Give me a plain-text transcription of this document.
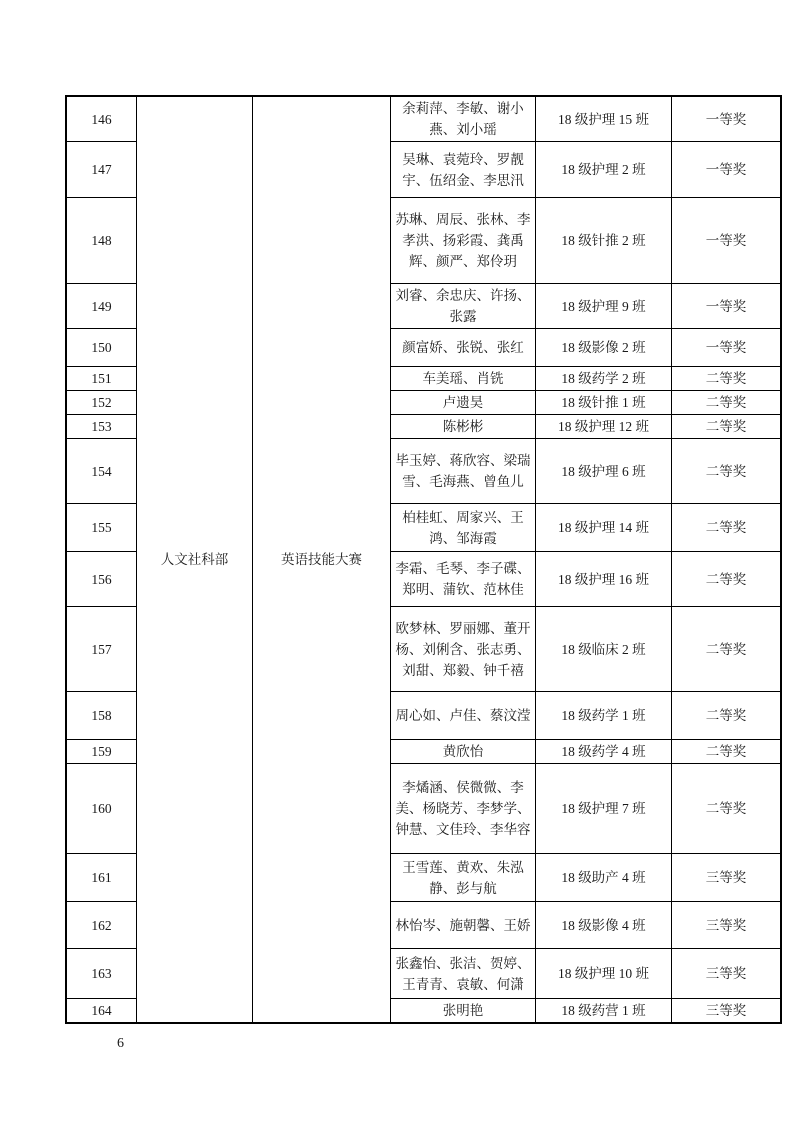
146	人文社科部	英语技能大赛	余莉萍、李敏、谢小燕、刘小瑶	18 级护理 15 班	一等奖
147			吴琳、袁菀玲、罗靓宇、伍绍金、李思汛	18 级护理 2 班	一等奖
148			苏琳、周辰、张林、李孝洪、扬彩霞、龚禹辉、颜严、郑伶玥	18 级针推 2 班	一等奖
149			刘睿、余忠庆、许扬、张露	18 级护理 9 班	一等奖
150			颜富娇、张锐、张红	18 级影像 2 班	一等奖
151			车美瑶、肖铣	18 级药学 2 班	二等奖
152			卢遗昊	18 级针推 1 班	二等奖
153			陈彬彬	18 级护理 12 班	二等奖
154			毕玉婷、蒋欣容、梁瑞雪、毛海燕、曾鱼儿	18 级护理 6 班	二等奖
155			柏桂虹、周家兴、王鸿、邹海霞	18 级护理 14 班	二等奖
156			李霜、毛琴、李子碟、郑明、蒲钦、范林佳	18 级护理 16 班	二等奖
157			欧梦林、罗丽娜、董开杨、刘俐含、张志勇、刘甜、郑毅、钟千禧	18 级临床 2 班	二等奖
158			周心如、卢佳、蔡汶滢	18 级药学 1 班	二等奖
159			黄欣怡	18 级药学 4 班	二等奖
160			李燏涵、侯微微、李美、杨晓芳、李梦学、钟慧、文佳玲、李华容	18 级护理 7 班	二等奖
161			王雪莲、黄欢、朱泓静、彭与航	18 级助产 4 班	三等奖
162			林怡岑、施朝馨、王娇	18 级影像 4 班	三等奖
163			张鑫怡、张洁、贺婷、王青青、袁敏、何潇	18 级护理 10 班	三等奖
164			张明艳	18 级药营 1 班	三等奖
6
